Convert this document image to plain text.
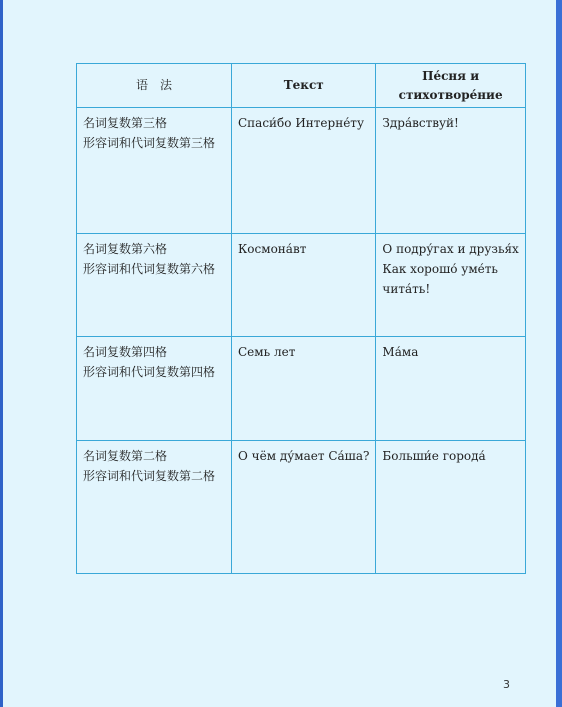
语　法	Текст	Пе́сня и
стихотворе́ние

名词复数第三格
形容词和代词复数第三格	Спаси́бо Интерне́ту	Здра́вствуй!

名词复数第六格
形容词和代词复数第六格	Космона́вт	О подру́гах и друзья́х
Как хорошо́ уме́ть
чита́ть!

名词复数第四格
形容词和代词复数第四格	Семь лет	Ма́ма

名词复数第二格
形容词和代词复数第二格	О чём ду́мает Са́ша?	Больши́е города́
3
